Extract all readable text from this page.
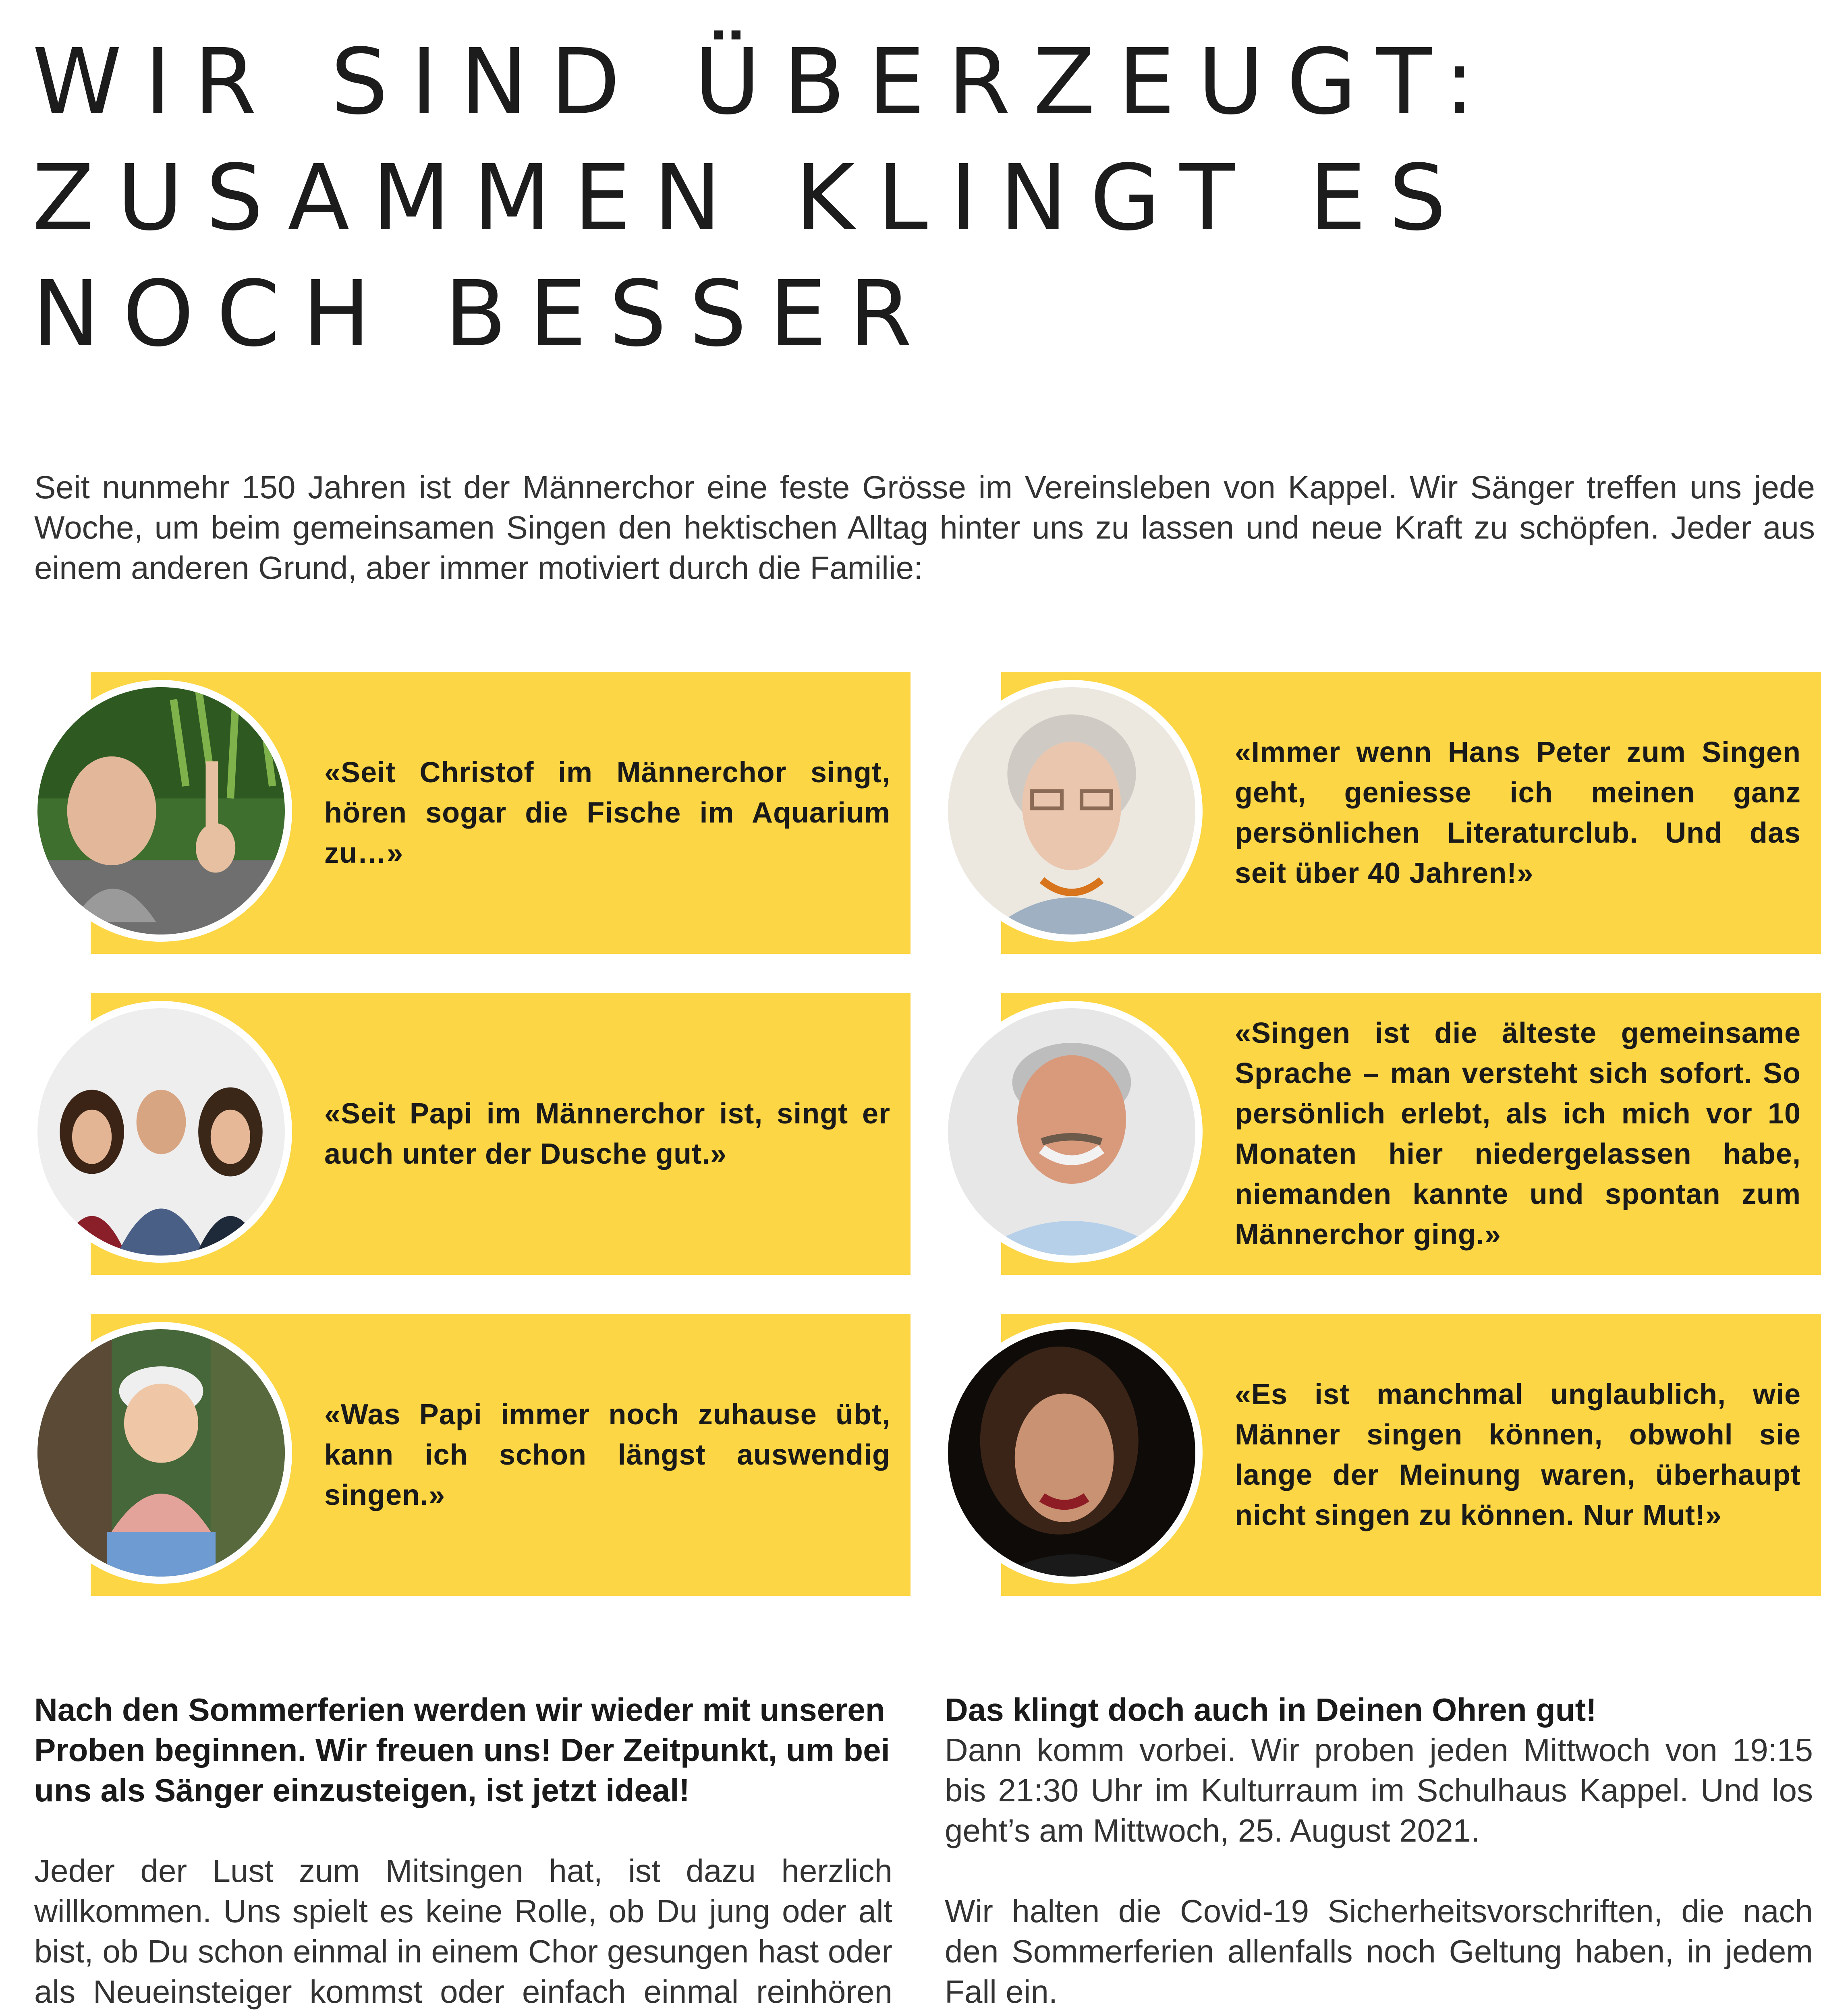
WIR SIND ÜBERZEUGT:
ZUSAMMEN KLINGT ES
NOCH BESSER

Seit nunmehr 150 Jahren ist der Männerchor eine feste Grösse im Vereinsleben von Kappel. Wir Sänger treffen uns jede Woche, um beim gemeinsamen Singen den hektischen Alltag hinter uns zu lassen und neue Kraft zu schöpfen. Jeder aus einem anderen Grund, aber immer motiviert durch die Familie:

«Seit Christof im Männerchor singt, hören sogar die Fische im Aquarium zu…»

«Immer wenn Hans Peter zum Singen geht, geniesse ich meinen ganz persönlichen Literaturclub. Und das seit über 40 Jahren!»

«Seit Papi im Männerchor ist, singt er auch unter der Dusche gut.»

«Singen ist die älteste gemeinsame Sprache – man versteht sich sofort. So persönlich erlebt, als ich mich vor 10 Monaten hier niedergelassen habe, niemanden kannte und spontan zum Männerchor ging.»

«Was Papi immer noch zuhause übt, kann ich schon längst auswendig singen.»

«Es ist manchmal unglaublich, wie Männer singen können, obwohl sie lange der Meinung waren, überhaupt nicht singen zu können. Nur Mut!»

Nach den Sommerferien werden wir wieder mit unseren Proben beginnen. Wir freuen uns! Der Zeitpunkt, um bei uns als Sänger einzusteigen, ist jetzt ideal!

Jeder der Lust zum Mitsingen hat, ist dazu herzlich willkommen. Uns spielt es keine Rolle, ob Du jung oder alt bist, ob Du schon einmal in einem Chor gesungen hast oder als Neueinsteiger kommst oder einfach einmal reinhören

Das klingt doch auch in Deinen Ohren gut!

Dann komm vorbei. Wir proben jeden Mittwoch von 19:15 bis 21:30 Uhr im Kulturraum im Schulhaus Kappel. Und los geht’s am Mittwoch, 25. August 2021.

Wir halten die Covid-19 Sicherheitsvorschriften, die nach den Sommerferien allenfalls noch Geltung haben, in jedem Fall ein.
